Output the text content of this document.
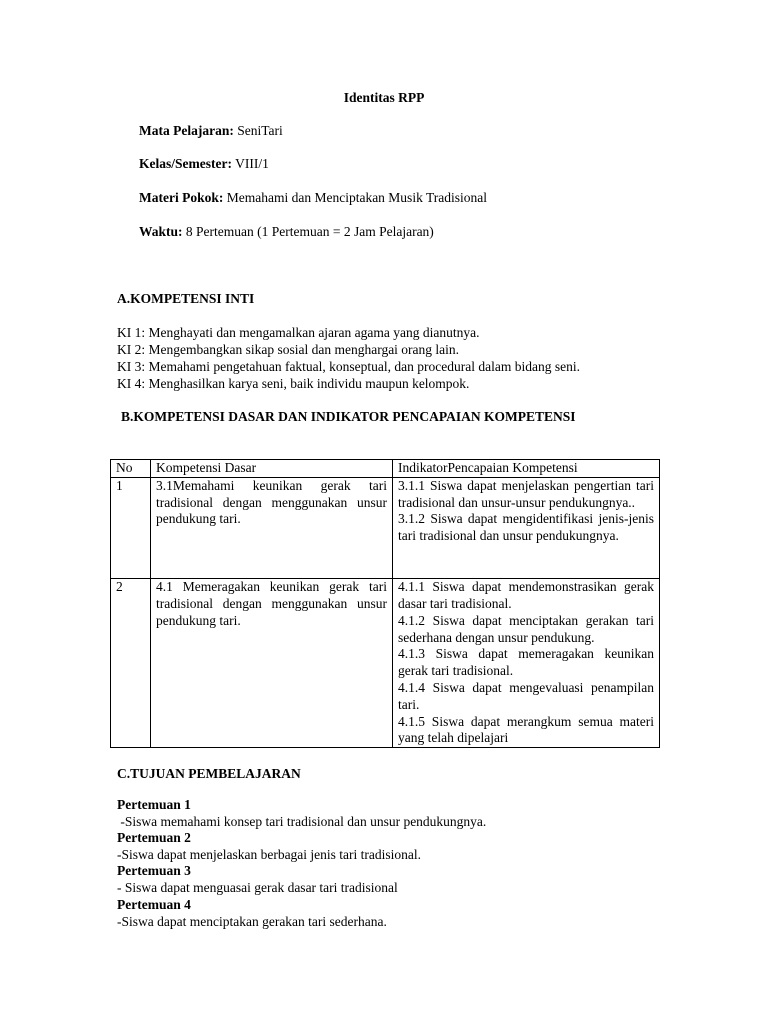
Identitas RPP
Mata Pelajaran: SeniTari
Kelas/Semester: VIII/1
Materi Pokok: Memahami dan Menciptakan Musik Tradisional
Waktu: 8 Pertemuan (1 Pertemuan = 2 Jam Pelajaran)
A.KOMPETENSI INTI
KI 1: Menghayati dan mengamalkan ajaran agama yang dianutnya.
KI 2: Mengembangkan sikap sosial dan menghargai orang lain.
KI 3: Memahami pengetahuan faktual, konseptual, dan procedural dalam bidang seni.
KI 4: Menghasilkan karya seni, baik individu maupun kelompok.
B.KOMPETENSI DASAR DAN INDIKATOR PENCAPAIAN KOMPETENSI
No	Kompetensi Dasar	IndikatorPencapaian Kompetensi
1	3.1Memahami keunikan gerak tari tradisional dengan menggunakan unsur pendukung tari.	3.1.1 Siswa dapat menjelaskan pengertian tari tradisional dan unsur-unsur pendukungnya..

3.1.2 Siswa dapat mengidentifikasi jenis-jenis tari tradisional dan unsur pendukungnya.

2	4.1 Memeragakan keunikan gerak tari tradisional dengan menggunakan unsur pendukung tari.	4.1.1 Siswa dapat mendemonstrasikan gerak dasar tari tradisional.

4.1.2 Siswa dapat menciptakan gerakan tari sederhana dengan unsur pendukung.

4.1.3 Siswa dapat memeragakan keunikan gerak tari tradisional.

4.1.4 Siswa dapat mengevaluasi penampilan tari.

4.1.5 Siswa dapat merangkum semua materi yang telah dipelajari

C.TUJUAN PEMBELAJARAN
Pertemuan 1
-Siswa memahami konsep tari tradisional dan unsur pendukungnya.
Pertemuan 2
-Siswa dapat menjelaskan berbagai jenis tari tradisional.
Pertemuan 3
- Siswa dapat menguasai gerak dasar tari tradisional
Pertemuan 4
-Siswa dapat menciptakan gerakan tari sederhana.
